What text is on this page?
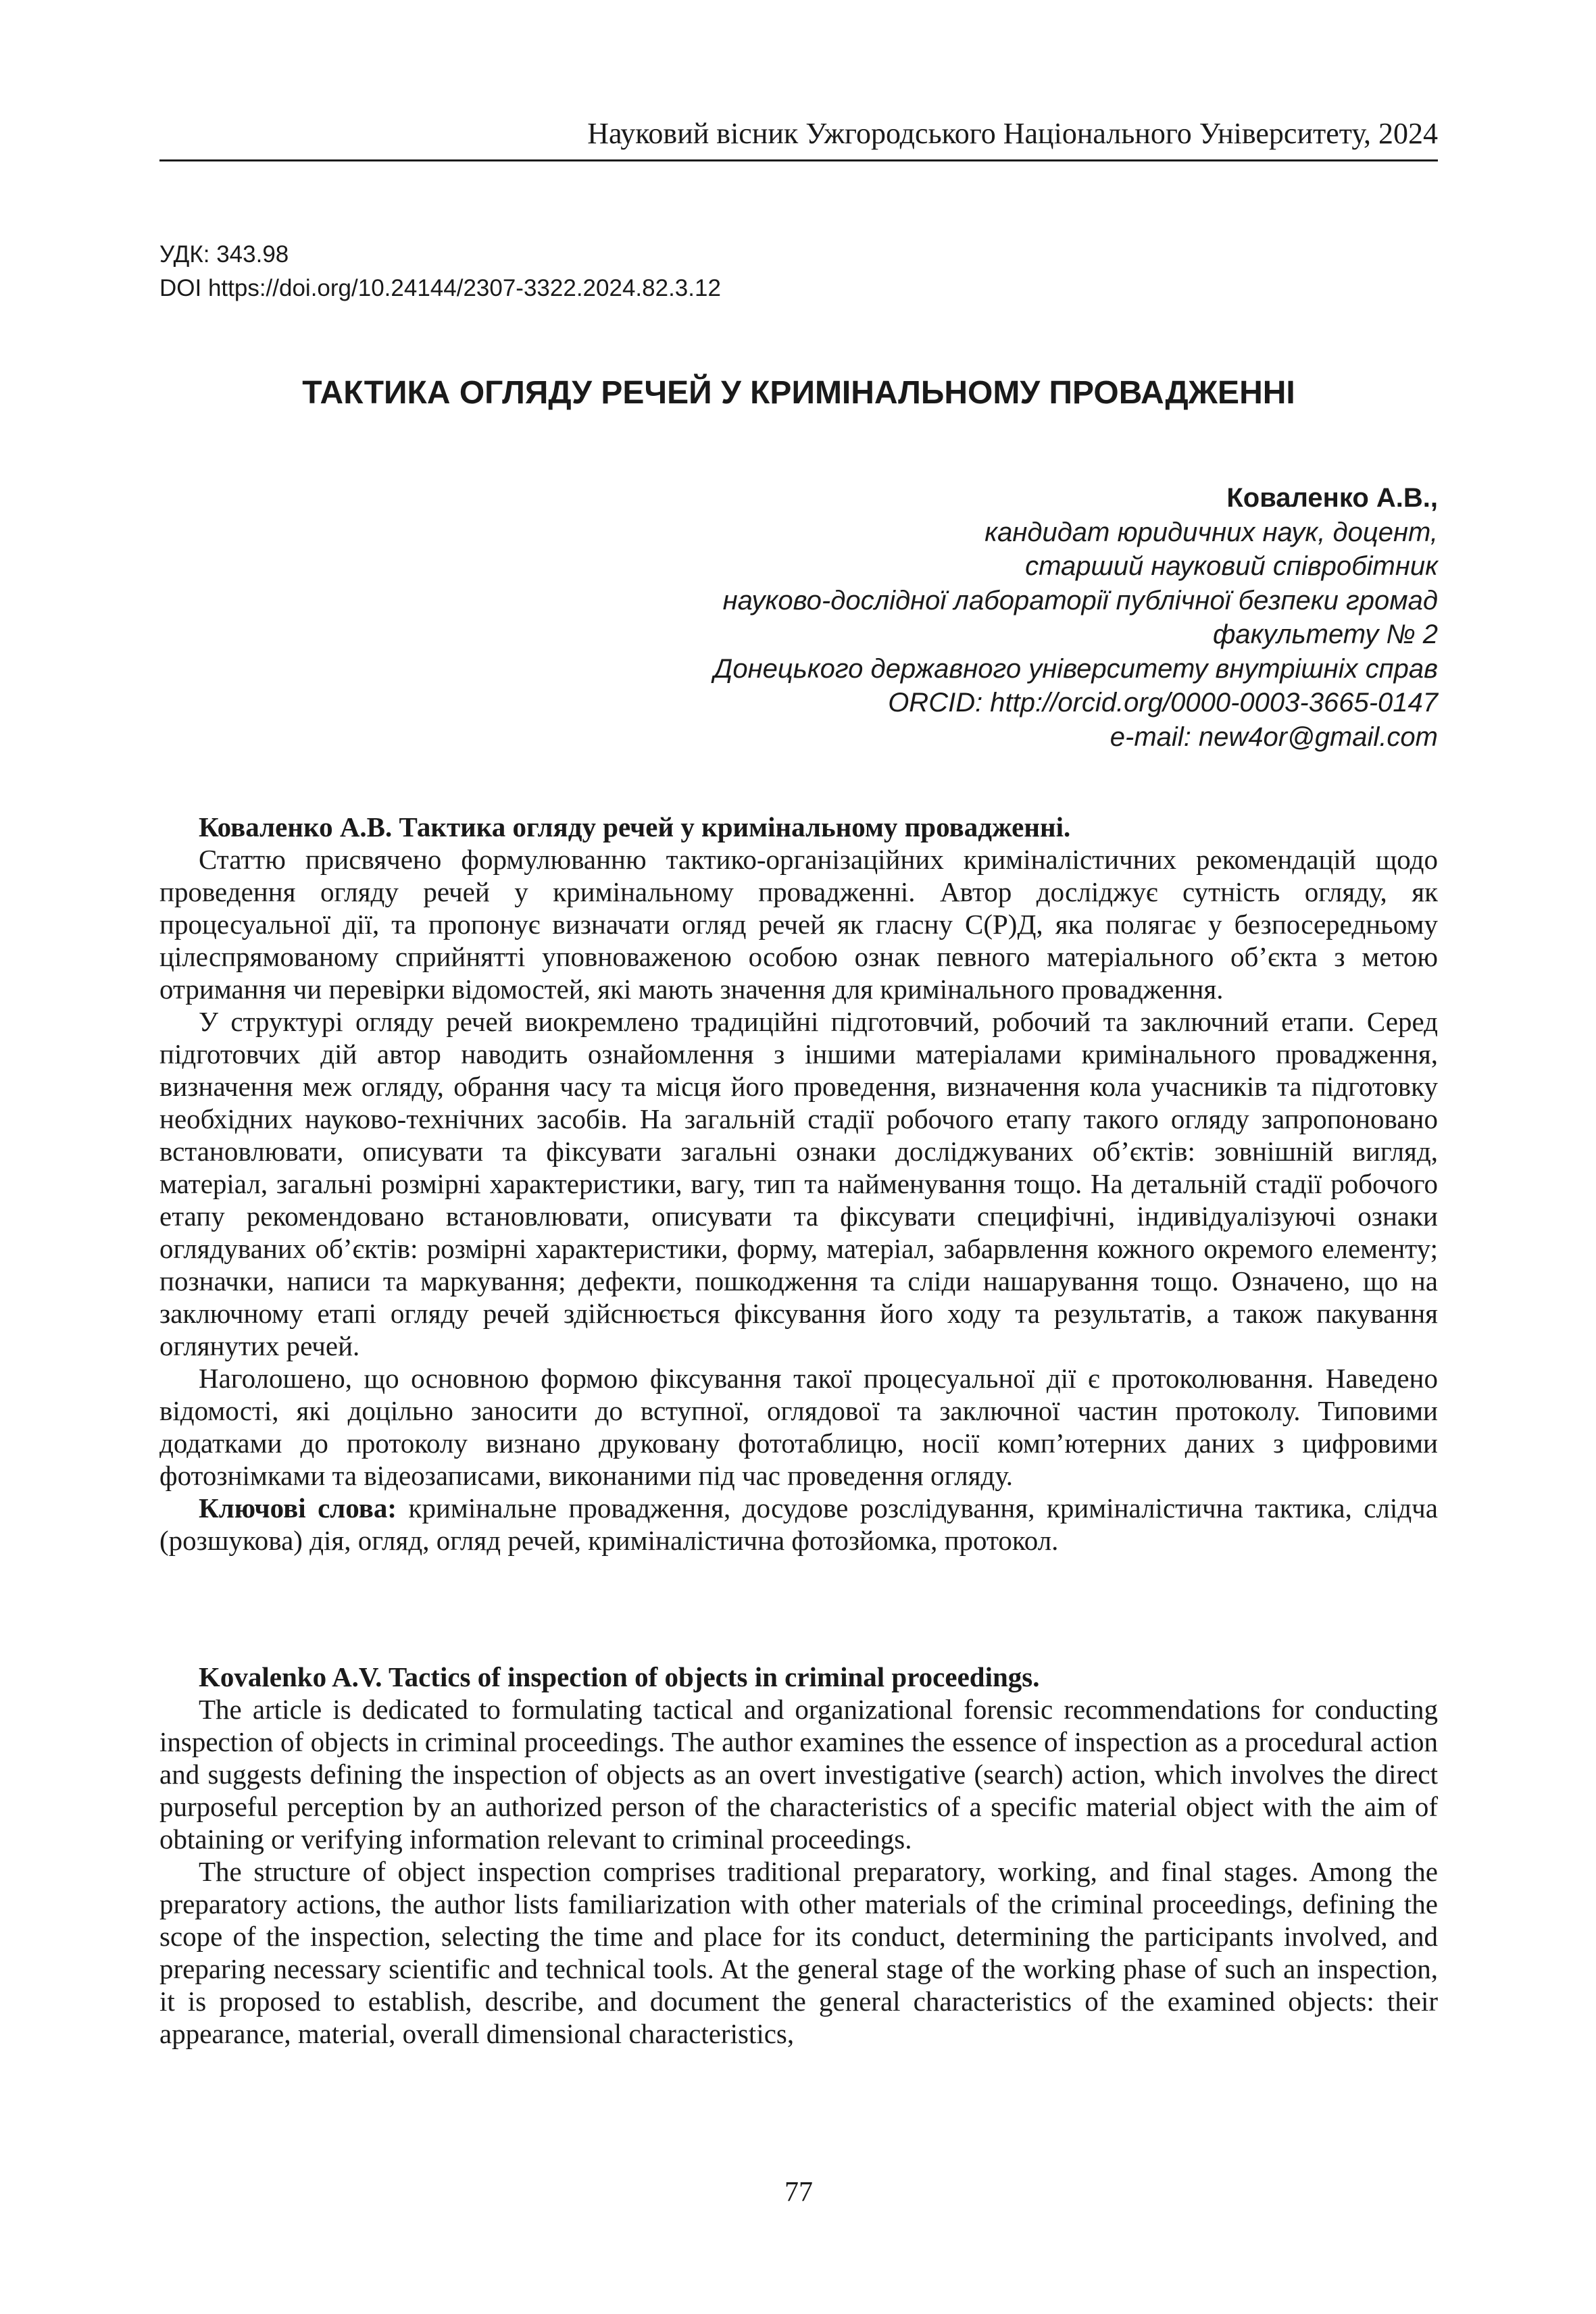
Науковий вісник Ужгородського Національного Університету, 2024
УДК: 343.98
DOI https://doi.org/10.24144/2307-3322.2024.82.3.12
ТАКТИКА ОГЛЯДУ РЕЧЕЙ У КРИМІНАЛЬНОМУ ПРОВАДЖЕННІ
Коваленко А.В.,
кандидат юридичних наук, доцент,
старший науковий співробітник
науково-дослідної лабораторії публічної безпеки громад
факультету № 2
Донецького державного університету внутрішніх справ
ORCID: http://orcid.org/0000-0003-3665-0147
e-mail: new4or@gmail.com

Коваленко А.В. Тактика огляду речей у кримінальному провадженні.

Статтю присвячено формулюванню тактико-організаційних криміналістичних рекомендацій щодо проведення огляду речей у кримінальному провадженні. Автор досліджує сутність огляду, як процесуальної дії, та пропонує визначати огляд речей як гласну С(Р)Д, яка полягає у безпосередньому цілеспрямованому сприйнятті уповноваженою особою ознак певного матеріального об’єкта з метою отримання чи перевірки відомостей, які мають значення для кримінального провадження.

У структурі огляду речей виокремлено традиційні підготовчий, робочий та заключний етапи. Серед підготовчих дій автор наводить ознайомлення з іншими матеріалами кримінального провадження, визначення меж огляду, обрання часу та місця його проведення, визначення кола учасників та підготовку необхідних науково-технічних засобів. На загальній стадії робочого етапу такого огляду запропоновано встановлювати, описувати та фіксувати загальні ознаки досліджуваних об’єктів: зовнішній вигляд, матеріал, загальні розмірні характеристики, вагу, тип та найменування тощо. На детальній стадії робочого етапу рекомендовано встановлювати, описувати та фіксувати специфічні, індивідуалізуючі ознаки оглядуваних об’єктів: розмірні характеристики, форму, матеріал, забарвлення кожного окремого елементу; позначки, написи та маркування; дефекти, пошкодження та сліди нашарування тощо. Означено, що на заключному етапі огляду речей здійснюється фіксування його ходу та результатів, а також пакування оглянутих речей.

Наголошено, що основною формою фіксування такої процесуальної дії є протоколювання. Наведено відомості, які доцільно заносити до вступної, оглядової та заключної частин протоколу. Типовими додатками до протоколу визнано друковану фототаблицю, носії комп’ютерних даних з цифровими фотознімками та відеозаписами, виконаними під час проведення огляду.

Ключові слова: кримінальне провадження, досудове розслідування, криміналістична тактика, слідча (розшукова) дія, огляд, огляд речей, криміналістична фотозйомка, протокол.

Kovalenko A.V. Tactics of inspection of objects in criminal proceedings.

The article is dedicated to formulating tactical and organizational forensic recommendations for conducting inspection of objects in criminal proceedings. The author examines the essence of inspection as a procedural action and suggests defining the inspection of objects as an overt investigative (search) action, which involves the direct purposeful perception by an authorized person of the characteristics of a specific material object with the aim of obtaining or verifying information relevant to criminal proceedings.

The structure of object inspection comprises traditional preparatory, working, and final stages. Among the preparatory actions, the author lists familiarization with other materials of the criminal proceedings, defining the scope of the inspection, selecting the time and place for its conduct, determining the participants involved, and preparing necessary scientific and technical tools. At the general stage of the working phase of such an inspection, it is proposed to establish, describe, and document the general characteristics of the examined objects: their appearance, material, overall dimensional characteristics,

77
